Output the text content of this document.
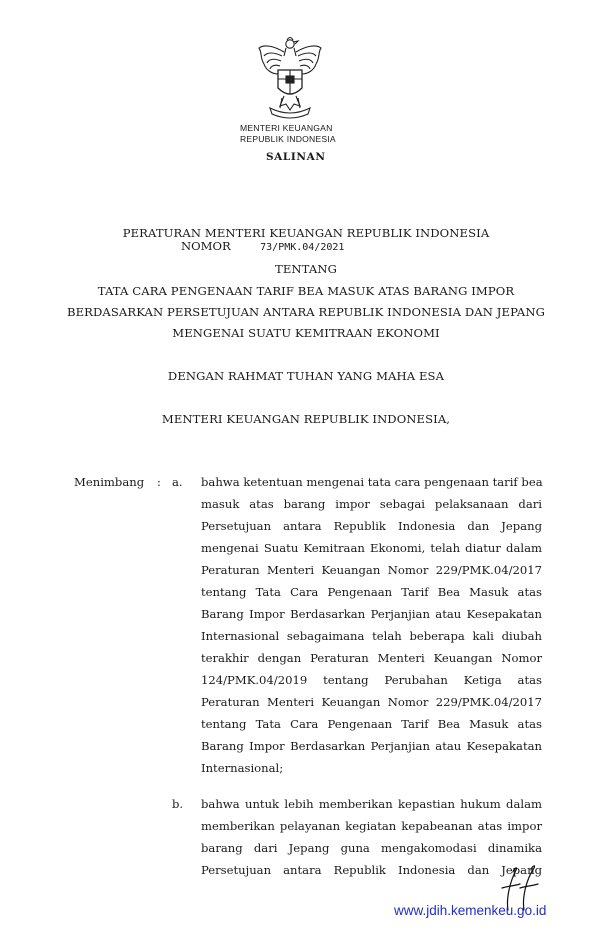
MENTERI KEUANGAN
REPUBLIK INDONESIA
SALINAN
PERATURAN MENTERI KEUANGAN REPUBLIK INDONESIA
NOMOR	73/PMK.04/2021
TENTANG
TATA CARA PENGENAAN TARIF BEA MASUK ATAS BARANG IMPOR
BERDASARKAN PERSETUJUAN ANTARA REPUBLIK INDONESIA DAN JEPANG
MENGENAI SUATU KEMITRAAN EKONOMI
DENGAN RAHMAT TUHAN YANG MAHA ESA
MENTERI KEUANGAN REPUBLIK INDONESIA,
Menimbang : a. bahwa ketentuan mengenai tata cara pengenaan tarif bea
masuk atas barang impor sebagai pelaksanaan dari
Persetujuan antara Republik Indonesia dan Jepang
mengenai Suatu Kemitraan Ekonomi, telah diatur dalam
Peraturan Menteri Keuangan Nomor 229/PMK.04/2017
tentang Tata Cara Pengenaan Tarif Bea Masuk atas
Barang Impor Berdasarkan Perjanjian atau Kesepakatan
Internasional sebagaimana telah beberapa kali diubah
terakhir dengan Peraturan Menteri Keuangan Nomor
124/PMK.04/2019 tentang Perubahan Ketiga atas
Peraturan Menteri Keuangan Nomor 229/PMK.04/2017
tentang Tata Cara Pengenaan Tarif Bea Masuk atas
Barang Impor Berdasarkan Perjanjian atau Kesepakatan
Internasional;
b. bahwa untuk lebih memberikan kepastian hukum dalam
memberikan pelayanan kegiatan kepabeanan atas impor
barang dari Jepang guna mengakomodasi dinamika
Persetujuan antara Republik Indonesia dan Jepang
www.jdih.kemenkeu.go.id
